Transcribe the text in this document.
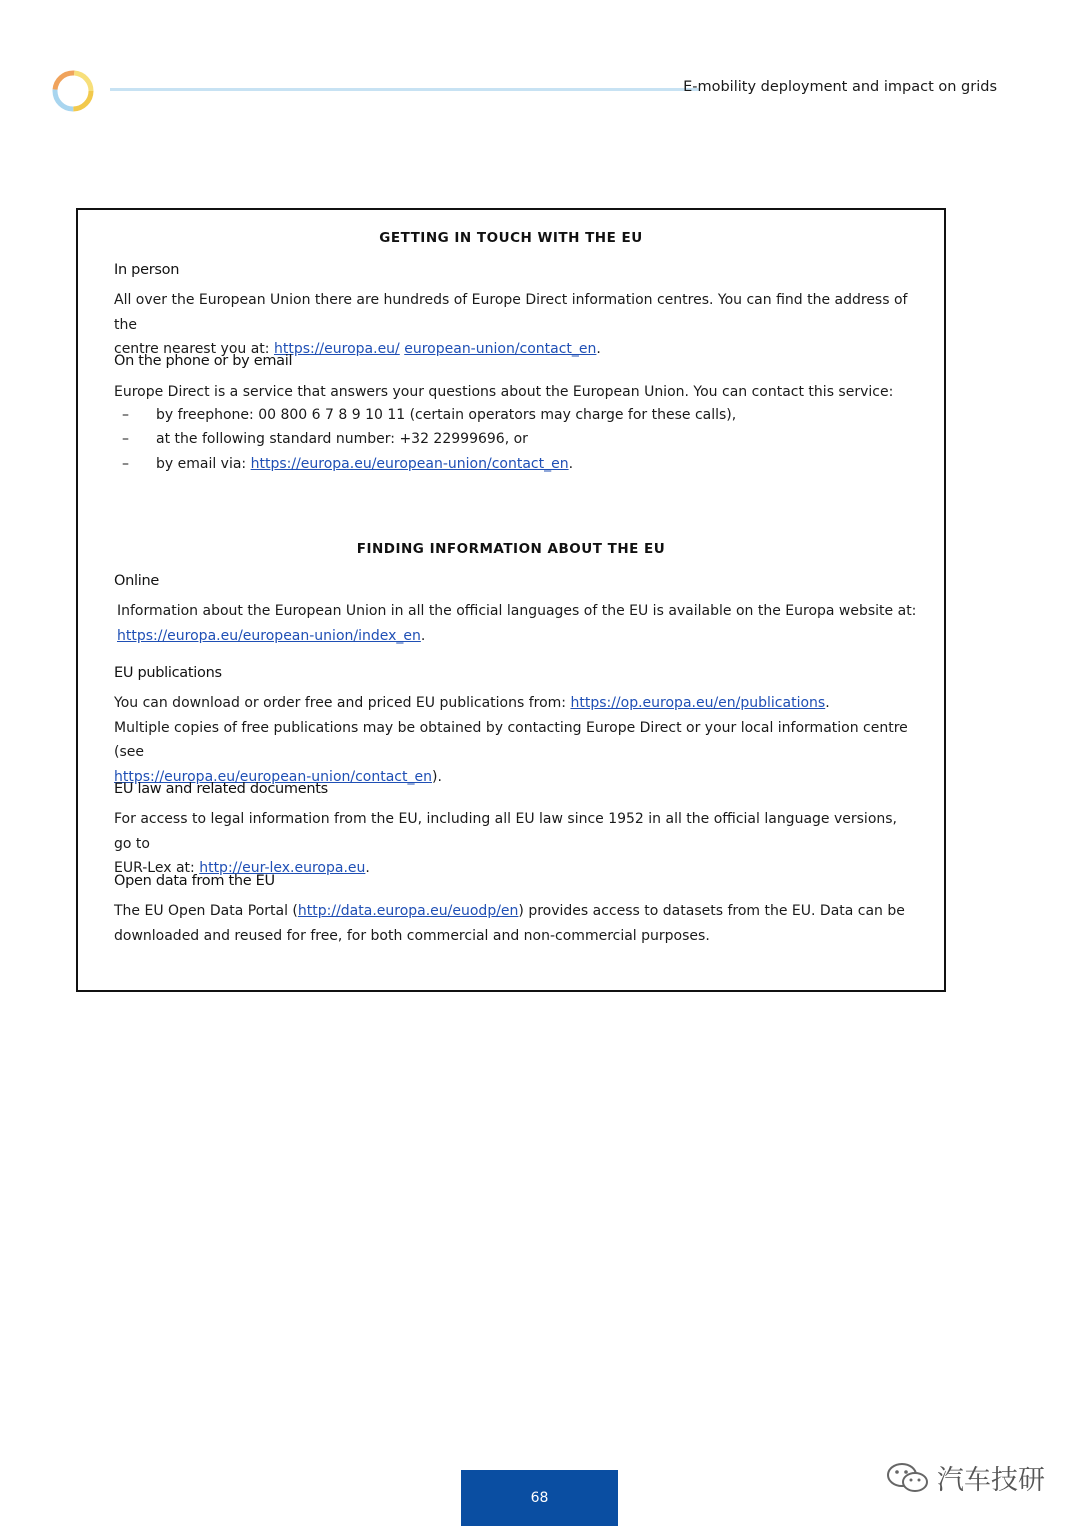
E-mobility deployment and impact on grids
GETTING IN TOUCH WITH THE EU
In person
All over the European Union there are hundreds of Europe Direct information centres. You can find the address of the
centre nearest you at: https://europa.eu/ european-union/contact_en.
On the phone or by email
Europe Direct is a service that answers your questions about the European Union. You can contact this service:
– by freephone: 00 800 6 7 8 9 10 11 (certain operators may charge for these calls),
– at the following standard number: +32 22999696, or
– by email via: https://europa.eu/european-union/contact_en.
FINDING INFORMATION ABOUT THE EU
Online
Information about the European Union in all the official languages of the EU is available on the Europa website at:
https://europa.eu/european-union/index_en.
EU publications
You can download or order free and priced EU publications from: https://op.europa.eu/en/publications.
Multiple copies of free publications may be obtained by contacting Europe Direct or your local information centre (see
https://europa.eu/european-union/contact_en).
EU law and related documents
For access to legal information from the EU, including all EU law since 1952 in all the official language versions, go to
EUR-Lex at: http://eur-lex.europa.eu.
Open data from the EU
The EU Open Data Portal (http://data.europa.eu/euodp/en) provides access to datasets from the EU. Data can be
downloaded and reused for free, for both commercial and non-commercial purposes.
68
汽车技研
